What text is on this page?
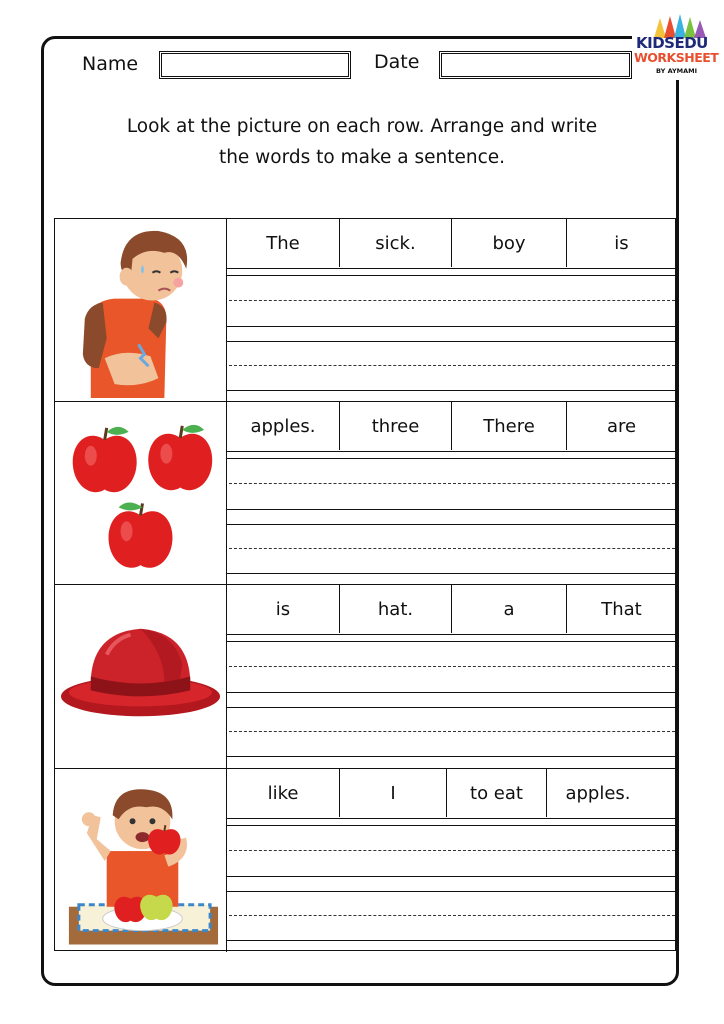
KIDSEDU
WORKSHEET
BY AYMAMI
Name	Date
Look at the picture on each row. Arrange and write
the words to make a sentence.
The	sick.	boy	is
apples.	three	There	are
is	hat.	a	That
like	I	to eat	apples.
